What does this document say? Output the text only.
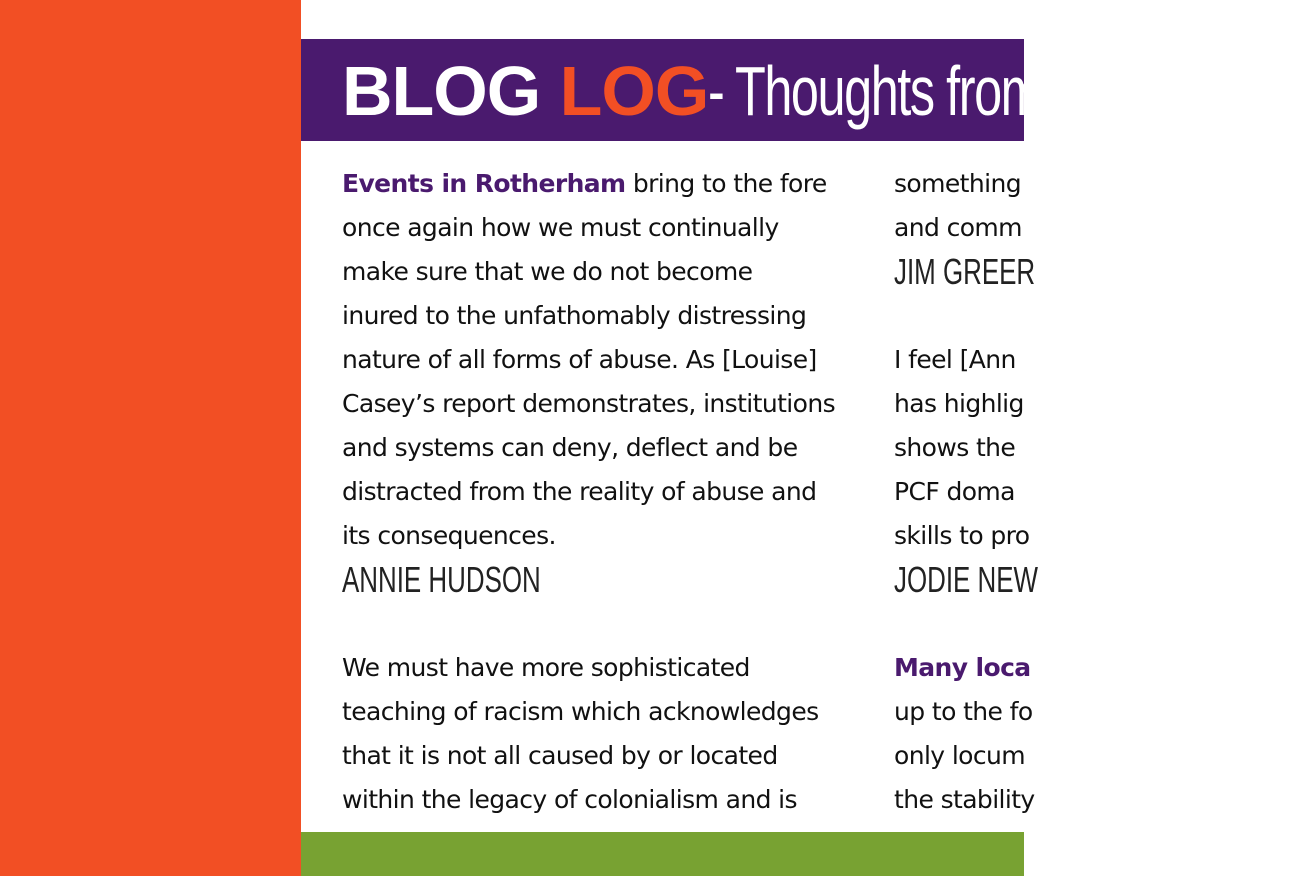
BLOG LOG- Thoughts from th
Events in Rotherham bring to the fore
once again how we must continually
make sure that we do not become
inured to the unfathomably distressing
nature of all forms of abuse. As [Louise]
Casey’s report demonstrates, institutions
and systems can deny, deflect and be
distracted from the reality of abuse and
its consequences.
ANNIE HUDSON
We must have more sophisticated
teaching of racism which acknowledges
that it is not all caused by or located
within the legacy of colonialism and is
something
and comm
JIM GREER
I feel [Ann
has highlig
shows the
PCF doma
skills to pro
JODIE NEW
Many loca
up to the fo
only locum
the stability
